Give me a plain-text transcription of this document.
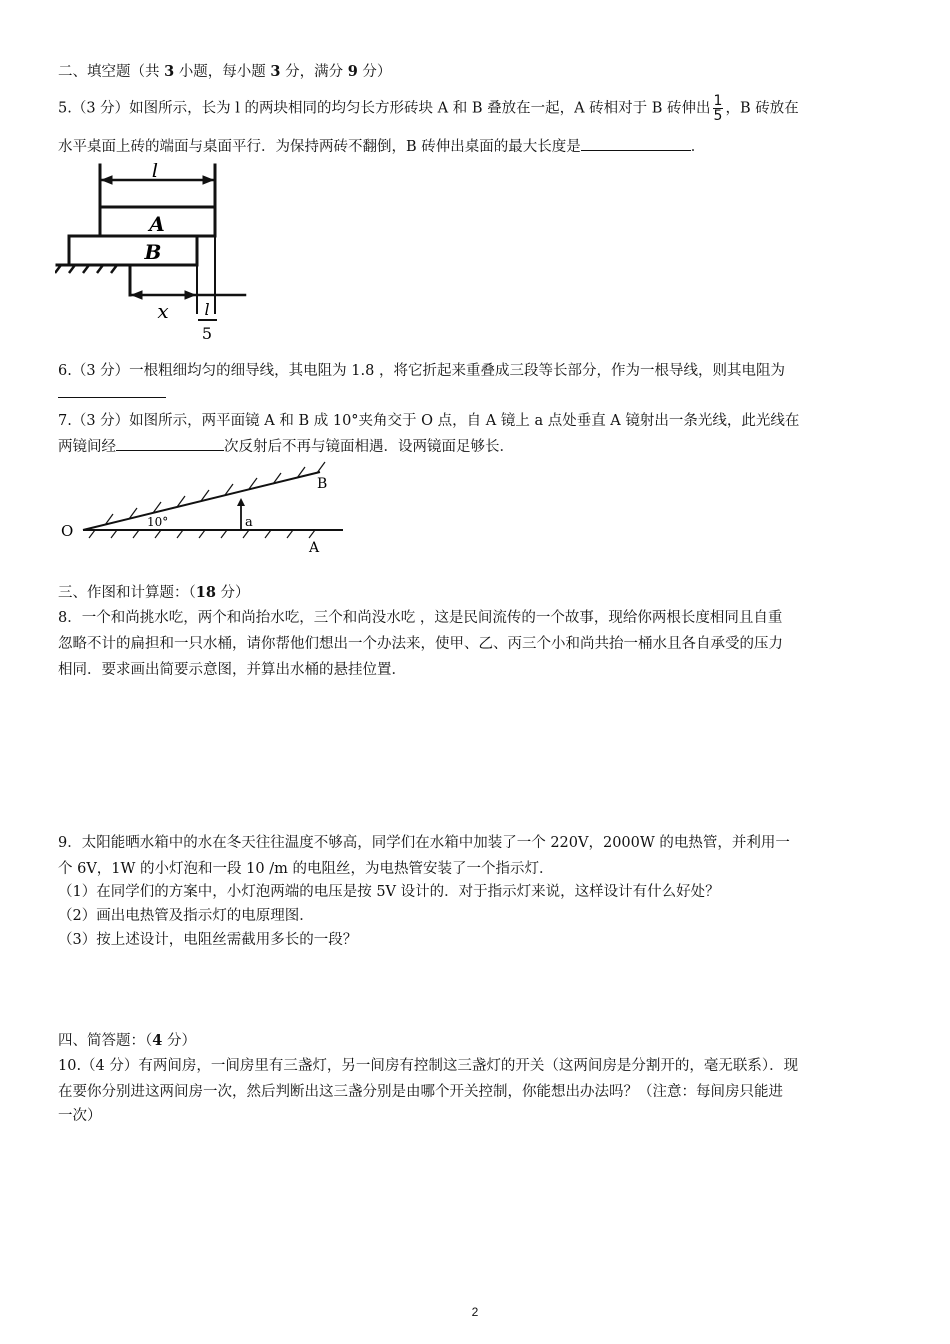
二、填空题（共 3 小题，每小题 3 分，满分 9 分）
5.（3 分）如图所示，长为 l 的两块相同的均匀长方形砖块 A 和 B 叠放在一起，A 砖相对于 B 砖伸出 $\frac{1}{5}$ ，B 砖放在
水平桌面上砖的端面与桌面平行．为保持两砖不翻倒，B 砖伸出桌面的最大长度是	．
l
A
B
x l
5
6.（3 分）一根粗细均匀的细导线，其电阻为 1.8 ，将它折起来重叠成三段等长部分，作为一根导线，则其电阻为
7.（3 分）如图所示，两平面镜 A 和 B 成 10°夹角交于 O 点，自 A 镜上 a 点处垂直 A 镜射出一条光线，此光线在
两镜间经	次反射后不再与镜面相遇．设两镜面足够长．
O	10°	a
A
B
三、作图和计算题：（18 分）
8．一个和尚挑水吃，两个和尚抬水吃，三个和尚没水吃 ，这是民间流传的一个故事，现给你两根长度相同且自重
忽略不计的扁担和一只水桶，请你帮他们想出一个办法来，使甲、乙、丙三个小和尚共抬一桶水且各自承受的压力
相同．要求画出简要示意图，并算出水桶的悬挂位置．
9．太阳能晒水箱中的水在冬天往往温度不够高，同学们在水箱中加装了一个 220V，2000W 的电热管，并利用一
个 6V，1W 的小灯泡和一段 10 /m 的电阻丝，为电热管安装了一个指示灯．
（1）在同学们的方案中，小灯泡两端的电压是按 5V 设计的．对于指示灯来说，这样设计有什么好处？
（2）画出电热管及指示灯的电原理图．
（3）按上述设计，电阻丝需截用多长的一段？
四、简答题：（4 分）
10.（4 分）有两间房，一间房里有三盏灯，另一间房有控制这三盏灯的开关（这两间房是分割开的，毫无联系）．现
在要你分别进这两间房一次，然后判断出这三盏分别是由哪个开关控制，你能想出办法吗？（注意：每间房只能进
一次）
2
